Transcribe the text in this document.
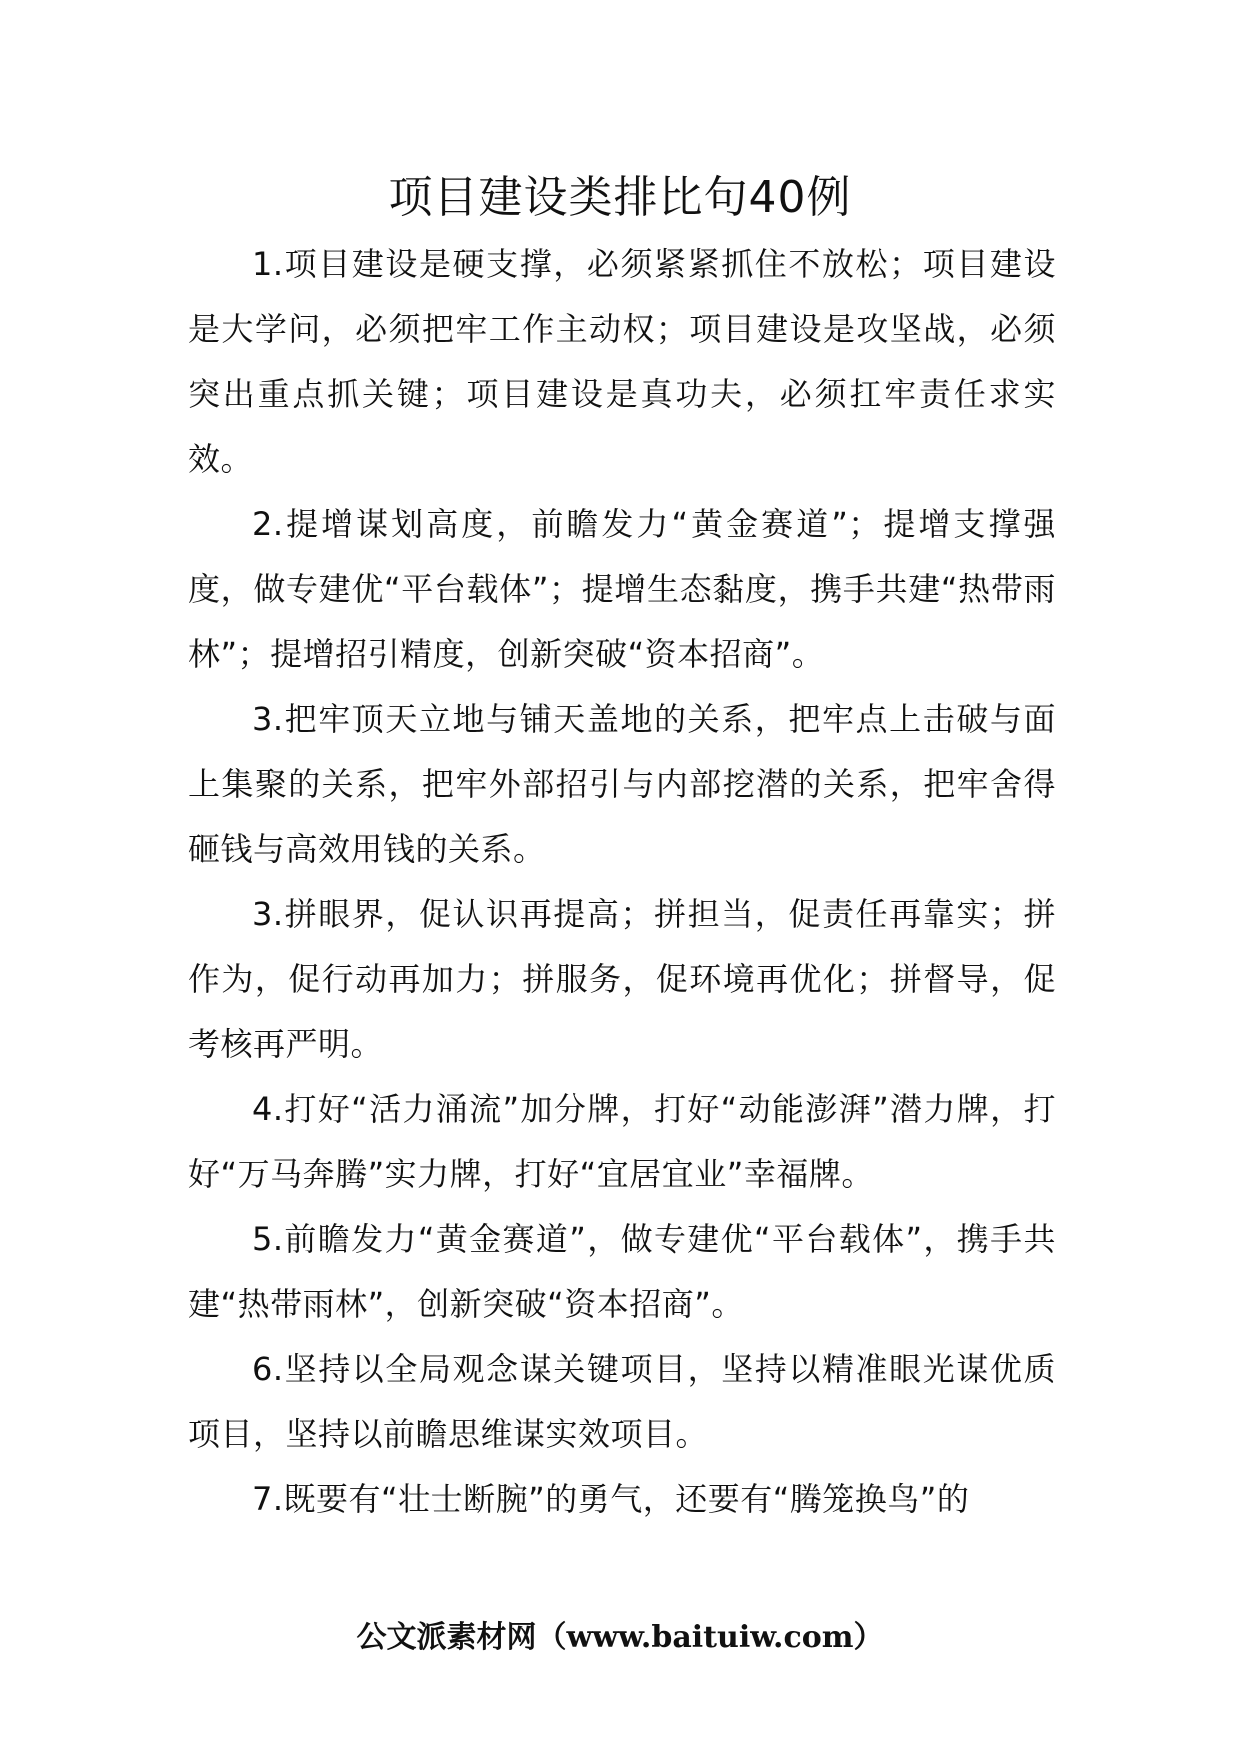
项目建设类排比句40例

1.项目建设是硬支撑，必须紧紧抓住不放松；项目建设是大学问，必须把牢工作主动权；项目建设是攻坚战，必须突出重点抓关键；项目建设是真功夫，必须扛牢责任求实效。

2.提增谋划高度，前瞻发力“黄金赛道”；提增支撑强度，做专建优“平台载体”；提增生态黏度，携手共建“热带雨林”；提增招引精度，创新突破“资本招商”。

3.把牢顶天立地与铺天盖地的关系，把牢点上击破与面上集聚的关系，把牢外部招引与内部挖潜的关系，把牢舍得砸钱与高效用钱的关系。

3.拼眼界，促认识再提高；拼担当，促责任再靠实；拼作为，促行动再加力；拼服务，促环境再优化；拼督导，促考核再严明。

4.打好“活力涌流”加分牌，打好“动能澎湃”潜力牌，打好“万马奔腾”实力牌，打好“宜居宜业”幸福牌。

5.前瞻发力“黄金赛道”，做专建优“平台载体”，携手共建“热带雨林”，创新突破“资本招商”。

6.坚持以全局观念谋关键项目，坚持以精准眼光谋优质项目，坚持以前瞻思维谋实效项目。

7.既要有“壮士断腕”的勇气，还要有“腾笼换鸟”的

公文派素材网（www.baituiw.com）
